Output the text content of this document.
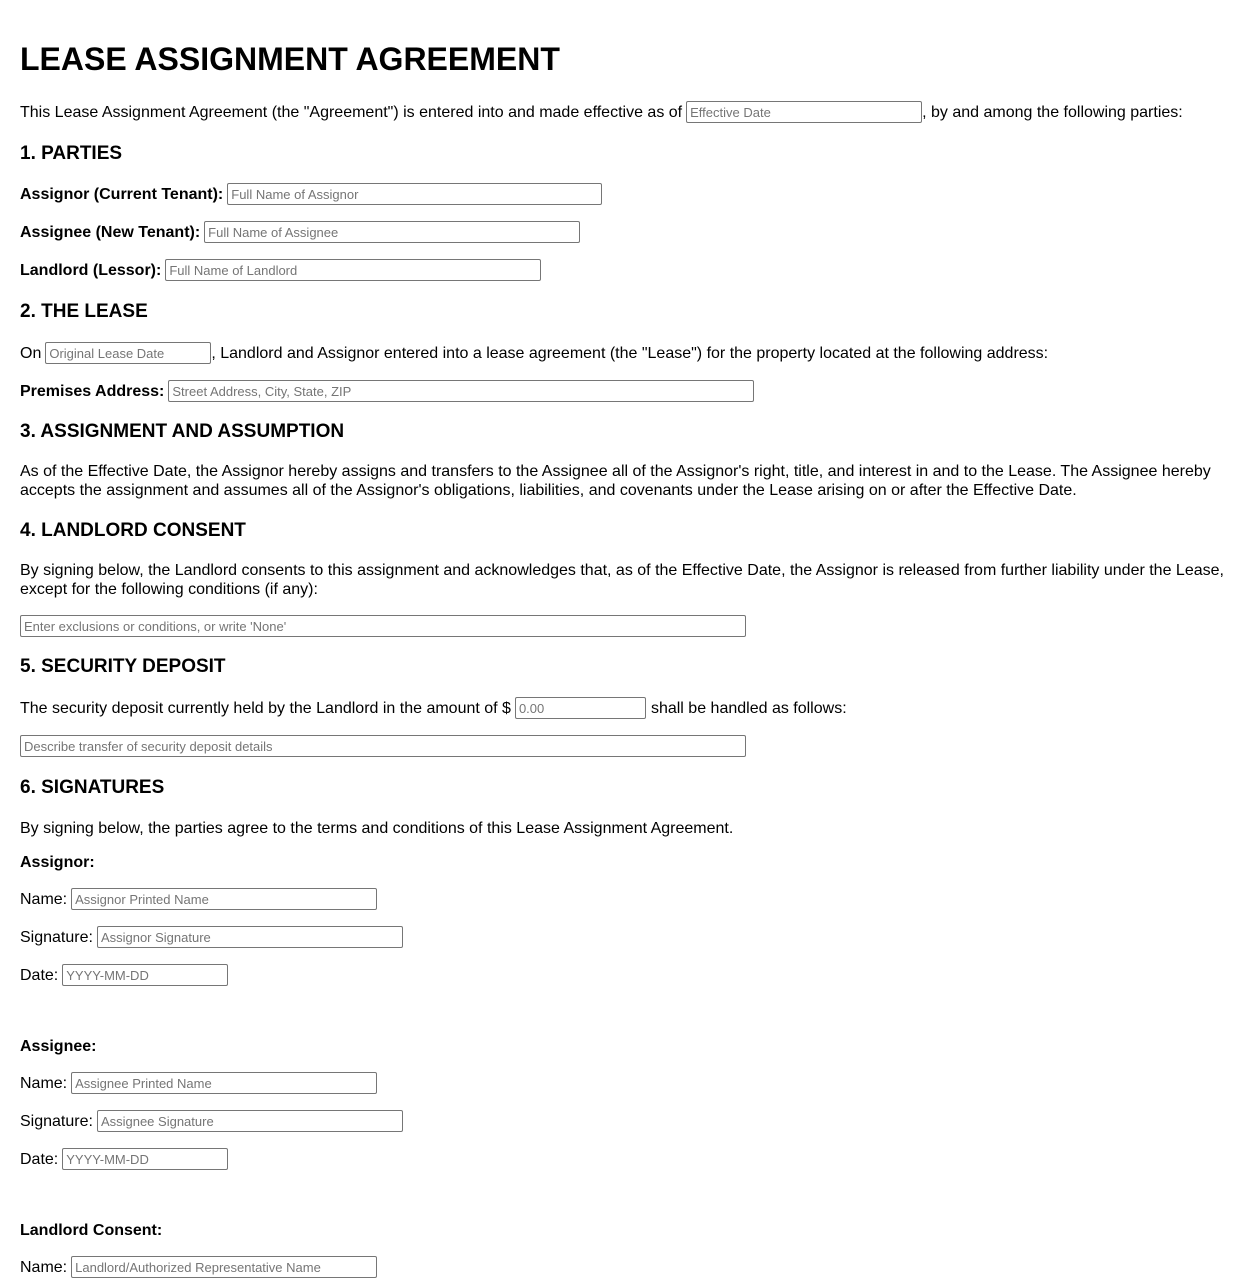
LEASE ASSIGNMENT AGREEMENT
This Lease Assignment Agreement (the "Agreement") is entered into and made effective as of
Effective Date	, by and among the following parties:
1. PARTIES
Assignor (Current Tenant):
Full Name of Assignor
Assignee (New Tenant):
Full Name of Assignee
Landlord (Lessor):
Full Name of Landlord
2. THE LEASE
On
Original Lease Date	, Landlord and Assignor entered into a lease agreement (the "Lease") for the property located at the following address:
Premises Address:
Street Address, City, State, ZIP
3. ASSIGNMENT AND ASSUMPTION
As of the Effective Date, the Assignor hereby assigns and transfers to the Assignee all of the Assignor's right, title, and interest in and to the Lease. The Assignee hereby accepts the assignment and assumes all of the Assignor's obligations, liabilities, and covenants under the Lease arising on or after the Effective Date.
4. LANDLORD CONSENT
By signing below, the Landlord consents to this assignment and acknowledges that, as of the Effective Date, the Assignor is released from further liability under the Lease, except for the following conditions (if any):
Enter exclusions or conditions, or write 'None'
5. SECURITY DEPOSIT
The security deposit currently held by the Landlord in the amount of $
0.00	shall be handled as follows:
Describe transfer of security deposit details
6. SIGNATURES
By signing below, the parties agree to the terms and conditions of this Lease Assignment Agreement.
Assignor:
Name:
Assignor Printed Name
Signature:
Assignor Signature
Date:
YYYY-MM-DD
Assignee:
Name:
Assignee Printed Name
Signature:
Assignee Signature
Date:
YYYY-MM-DD
Landlord Consent:
Name:
Landlord/Authorized Representative Name
